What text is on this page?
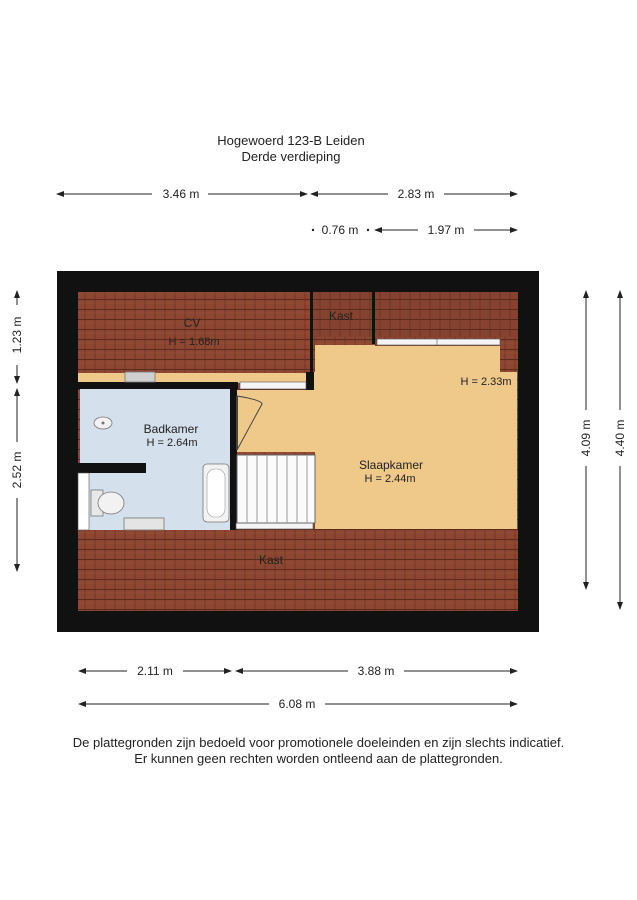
Hogewoerd 123-B Leiden
Derde verdieping
3.46 m	2.83 m
0.76 m	1.97 m
1.23 m
2.52 m
4.09 m 4.40 m
CV
H = 1.68m
Kast
H = 2.33m
Badkamer
H = 2.64m
Slaapkamer
H = 2.44m
Kast
2.11 m	3.88 m
6.08 m
De plattegronden zijn bedoeld voor promotionele doeleinden en zijn slechts indicatief.
Er kunnen geen rechten worden ontleend aan de plattegronden.
